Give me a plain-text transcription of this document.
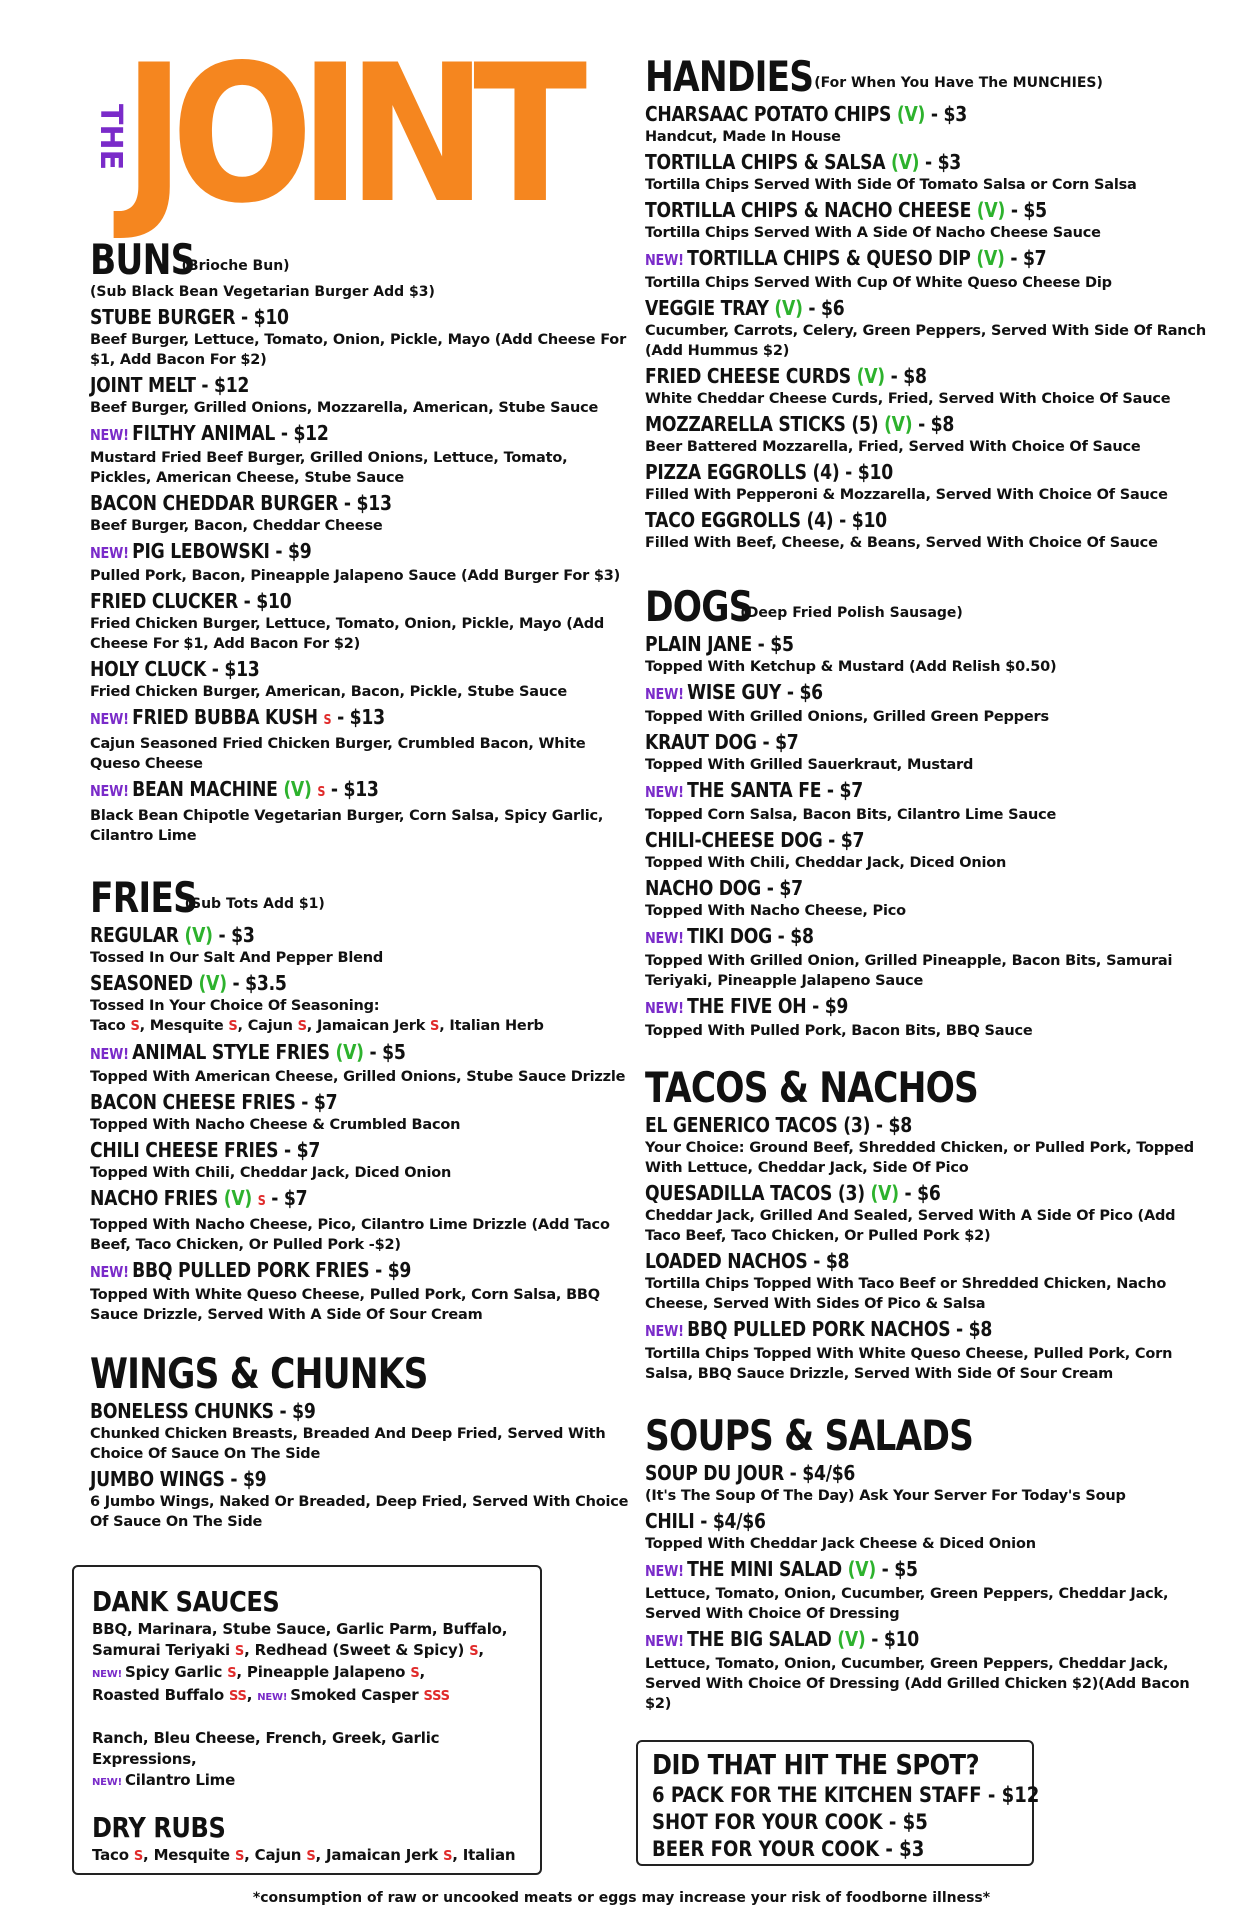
THE
JOINT
BUNS(Brioche Bun)
(Sub Black Bean Vegetarian Burger Add $3)
STUBE BURGER - $10
Beef Burger, Lettuce, Tomato, Onion, Pickle, Mayo (Add Cheese For $1, Add Bacon For $2)
JOINT MELT - $12
Beef Burger, Grilled Onions, Mozzarella, American, Stube Sauce
NEW! FILTHY ANIMAL - $12
Mustard Fried Beef Burger, Grilled Onions, Lettuce, Tomato, Pickles, American Cheese, Stube Sauce
BACON CHEDDAR BURGER - $13
Beef Burger, Bacon, Cheddar Cheese
NEW! PIG LEBOWSKI - $9
Pulled Pork, Bacon, Pineapple Jalapeno Sauce (Add Burger For $3)
FRIED CLUCKER - $10
Fried Chicken Burger, Lettuce, Tomato, Onion, Pickle, Mayo (Add Cheese For $1, Add Bacon For $2)
HOLY CLUCK - $13
Fried Chicken Burger, American, Bacon, Pickle, Stube Sauce
NEW! FRIED BUBBA KUSH S - $13
Cajun Seasoned Fried Chicken Burger, Crumbled Bacon, White Queso Cheese
NEW! BEAN MACHINE (V) S - $13
Black Bean Chipotle Vegetarian Burger, Corn Salsa, Spicy Garlic, Cilantro Lime
FRIES(Sub Tots Add $1)
REGULAR (V) - $3
Tossed In Our Salt And Pepper Blend
SEASONED (V) - $3.5
Tossed In Your Choice Of Seasoning:
Taco S, Mesquite S, Cajun S, Jamaican Jerk S, Italian Herb
NEW! ANIMAL STYLE FRIES (V) - $5
Topped With American Cheese, Grilled Onions, Stube Sauce Drizzle
BACON CHEESE FRIES - $7
Topped With Nacho Cheese & Crumbled Bacon
CHILI CHEESE FRIES - $7
Topped With Chili, Cheddar Jack, Diced Onion
NACHO FRIES (V) S - $7
Topped With Nacho Cheese, Pico, Cilantro Lime Drizzle (Add Taco Beef, Taco Chicken, Or Pulled Pork -$2)
NEW! BBQ PULLED PORK FRIES - $9
Topped With White Queso Cheese, Pulled Pork, Corn Salsa, BBQ Sauce Drizzle, Served With A Side Of Sour Cream
WINGS & CHUNKS
BONELESS CHUNKS - $9
Chunked Chicken Breasts, Breaded And Deep Fried, Served With Choice Of Sauce On The Side
JUMBO WINGS - $9
6 Jumbo Wings, Naked Or Breaded, Deep Fried, Served With Choice Of Sauce On The Side
DANK SAUCES
BBQ, Marinara, Stube Sauce, Garlic Parm, Buffalo,
Samurai Teriyaki S, Redhead (Sweet & Spicy) S,
NEW! Spicy Garlic S, Pineapple Jalapeno S,
Roasted Buffalo SS, NEW! Smoked Casper SSS
Ranch, Bleu Cheese, French, Greek, Garlic Expressions,
NEW! Cilantro Lime
DRY RUBS
Taco S, Mesquite S, Cajun S, Jamaican Jerk S, Italian
HANDIES(For When You Have The MUNCHIES)
CHARSAAC POTATO CHIPS (V) - $3
Handcut, Made In House
TORTILLA CHIPS & SALSA (V) - $3
Tortilla Chips Served With Side Of Tomato Salsa or Corn Salsa
TORTILLA CHIPS & NACHO CHEESE (V) - $5
Tortilla Chips Served With A Side Of Nacho Cheese Sauce
NEW! TORTILLA CHIPS & QUESO DIP (V) - $7
Tortilla Chips Served With Cup Of White Queso Cheese Dip
VEGGIE TRAY (V) - $6
Cucumber, Carrots, Celery, Green Peppers, Served With Side Of Ranch (Add Hummus $2)
FRIED CHEESE CURDS (V) - $8
White Cheddar Cheese Curds, Fried, Served With Choice Of Sauce
MOZZARELLA STICKS (5) (V) - $8
Beer Battered Mozzarella, Fried, Served With Choice Of Sauce
PIZZA EGGROLLS (4) - $10
Filled With Pepperoni & Mozzarella, Served With Choice Of Sauce
TACO EGGROLLS (4) - $10
Filled With Beef, Cheese, & Beans, Served With Choice Of Sauce
DOGS(Deep Fried Polish Sausage)
PLAIN JANE - $5
Topped With Ketchup & Mustard (Add Relish $0.50)
NEW! WISE GUY - $6
Topped With Grilled Onions, Grilled Green Peppers
KRAUT DOG - $7
Topped With Grilled Sauerkraut, Mustard
NEW! THE SANTA FE - $7
Topped Corn Salsa, Bacon Bits, Cilantro Lime Sauce
CHILI-CHEESE DOG - $7
Topped With Chili, Cheddar Jack, Diced Onion
NACHO DOG - $7
Topped With Nacho Cheese, Pico
NEW! TIKI DOG - $8
Topped With Grilled Onion, Grilled Pineapple, Bacon Bits, Samurai Teriyaki, Pineapple Jalapeno Sauce
NEW! THE FIVE OH - $9
Topped With Pulled Pork, Bacon Bits, BBQ Sauce
TACOS & NACHOS
EL GENERICO TACOS (3) - $8
Your Choice: Ground Beef, Shredded Chicken, or Pulled Pork, Topped With Lettuce, Cheddar Jack, Side Of Pico
QUESADILLA TACOS (3) (V) - $6
Cheddar Jack, Grilled And Sealed, Served With A Side Of Pico (Add Taco Beef, Taco Chicken, Or Pulled Pork $2)
LOADED NACHOS - $8
Tortilla Chips Topped With Taco Beef or Shredded Chicken, Nacho Cheese, Served With Sides Of Pico & Salsa
NEW! BBQ PULLED PORK NACHOS - $8
Tortilla Chips Topped With White Queso Cheese, Pulled Pork, Corn Salsa, BBQ Sauce Drizzle, Served With Side Of Sour Cream
SOUPS & SALADS
SOUP DU JOUR - $4/$6
(It's The Soup Of The Day) Ask Your Server For Today's Soup
CHILI - $4/$6
Topped With Cheddar Jack Cheese & Diced Onion
NEW! THE MINI SALAD (V) - $5
Lettuce, Tomato, Onion, Cucumber, Green Peppers, Cheddar Jack, Served With Choice Of Dressing
NEW! THE BIG SALAD (V) - $10
Lettuce, Tomato, Onion, Cucumber, Green Peppers, Cheddar Jack, Served With Choice Of Dressing (Add Grilled Chicken $2)(Add Bacon $2)
DID THAT HIT THE SPOT?
6 PACK FOR THE KITCHEN STAFF - $12
SHOT FOR YOUR COOK - $5
BEER FOR YOUR COOK - $3
*consumption of raw or uncooked meats or eggs may increase your risk of foodborne illness*
